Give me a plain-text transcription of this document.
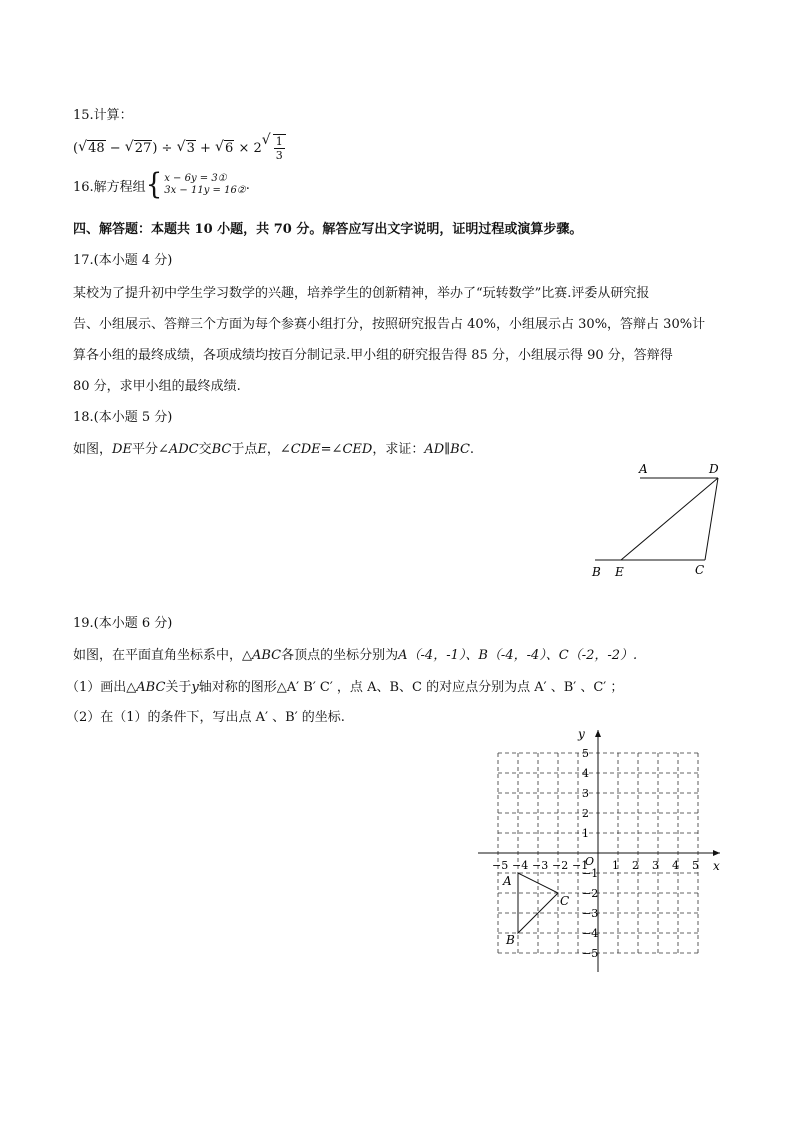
15.计算：
( √ 48 − √ 27 ) ÷ √ 3 + √ 6 × 2 √ $\frac{1}{3}$
16.解方程组 { x − 6y = 3①
3x − 11y = 16② .
四、解答题：本题共 10 小题，共 70 分。解答应写出文字说明，证明过程或演算步骤。
17.(本小题 4 分)
某校为了提升初中学生学习数学的兴趣，培养学生的创新精神，举办了“玩转数学”比赛.评委从研究报
告、小组展示、答辩三个方面为每个参赛小组打分，按照研究报告占 40%，小组展示占 30%，答辩占 30%计
算各小组的最终成绩，各项成绩均按百分制记录.甲小组的研究报告得 85 分，小组展示得 90 分，答辩得
80 分，求甲小组的最终成绩.
18.(本小题 5 分)
如图，DE平分∠ADC交BC于点E，∠CDE=∠CED，求证：AD∥BC.
A	D
B E	C
19.(本小题 6 分)
如图，在平面直角坐标系中，△ABC各顶点的坐标分别为A（-4，-1）、B（-4，-4）、C（-2，-2）.
（1）画出△ABC关于y轴对称的图形△A′ B′ C′ ，点 A、B、C 的对应点分别为点 A′ 、B′ 、C′ ；
（2）在（1）的条件下，写出点 A′ 、B′ 的坐标.
x
y
O
−5 −4 −3 −2 −1 1 2 3 4 5
5
4
3
2
1
−1
−2
−3
−4
−5
A
B
C
